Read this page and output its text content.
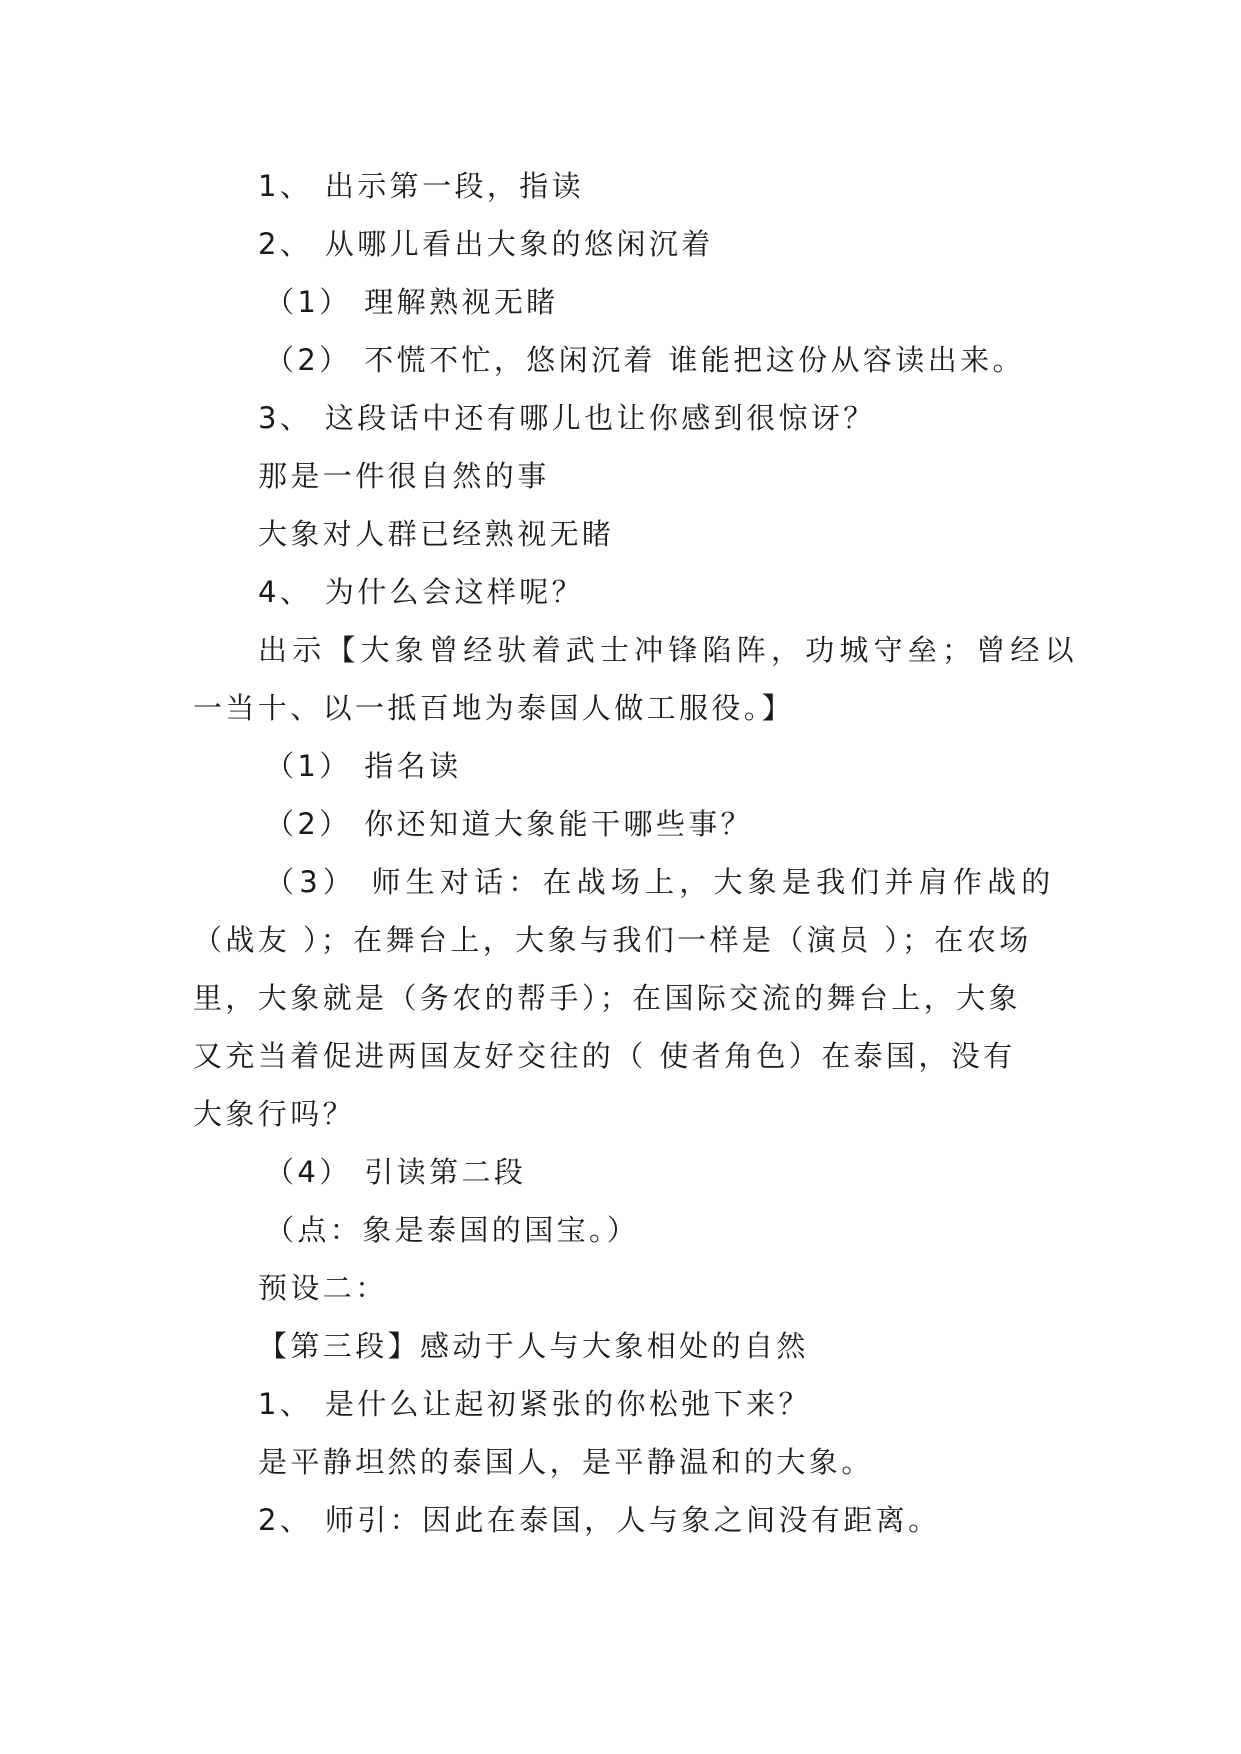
1、 出示第一段，指读
2、 从哪儿看出大象的悠闲沉着
（1） 理解熟视无睹
（2） 不慌不忙，悠闲沉着 谁能把这份从容读出来。
3、 这段话中还有哪儿也让你感到很惊讶？
那是一件很自然的事
大象对人群已经熟视无睹
4、 为什么会这样呢？
出示【大象曾经驮着武士冲锋陷阵，功城守垒；曾经以
一当十、以一抵百地为泰国人做工服役。】
（1） 指名读
（2） 你还知道大象能干哪些事？
（3） 师生对话：在战场上，大象是我们并肩作战的
（战友 ）；在舞台上，大象与我们一样是（演员 ）；在农场
里，大象就是（务农的帮手）；在国际交流的舞台上，大象
又充当着促进两国友好交往的（ 使者角色）在泰国，没有
大象行吗？
（4） 引读第二段
（点：象是泰国的国宝。）
预设二：
【第三段】感动于人与大象相处的自然
1、 是什么让起初紧张的你松弛下来？
是平静坦然的泰国人，是平静温和的大象。
2、 师引：因此在泰国，人与象之间没有距离。
